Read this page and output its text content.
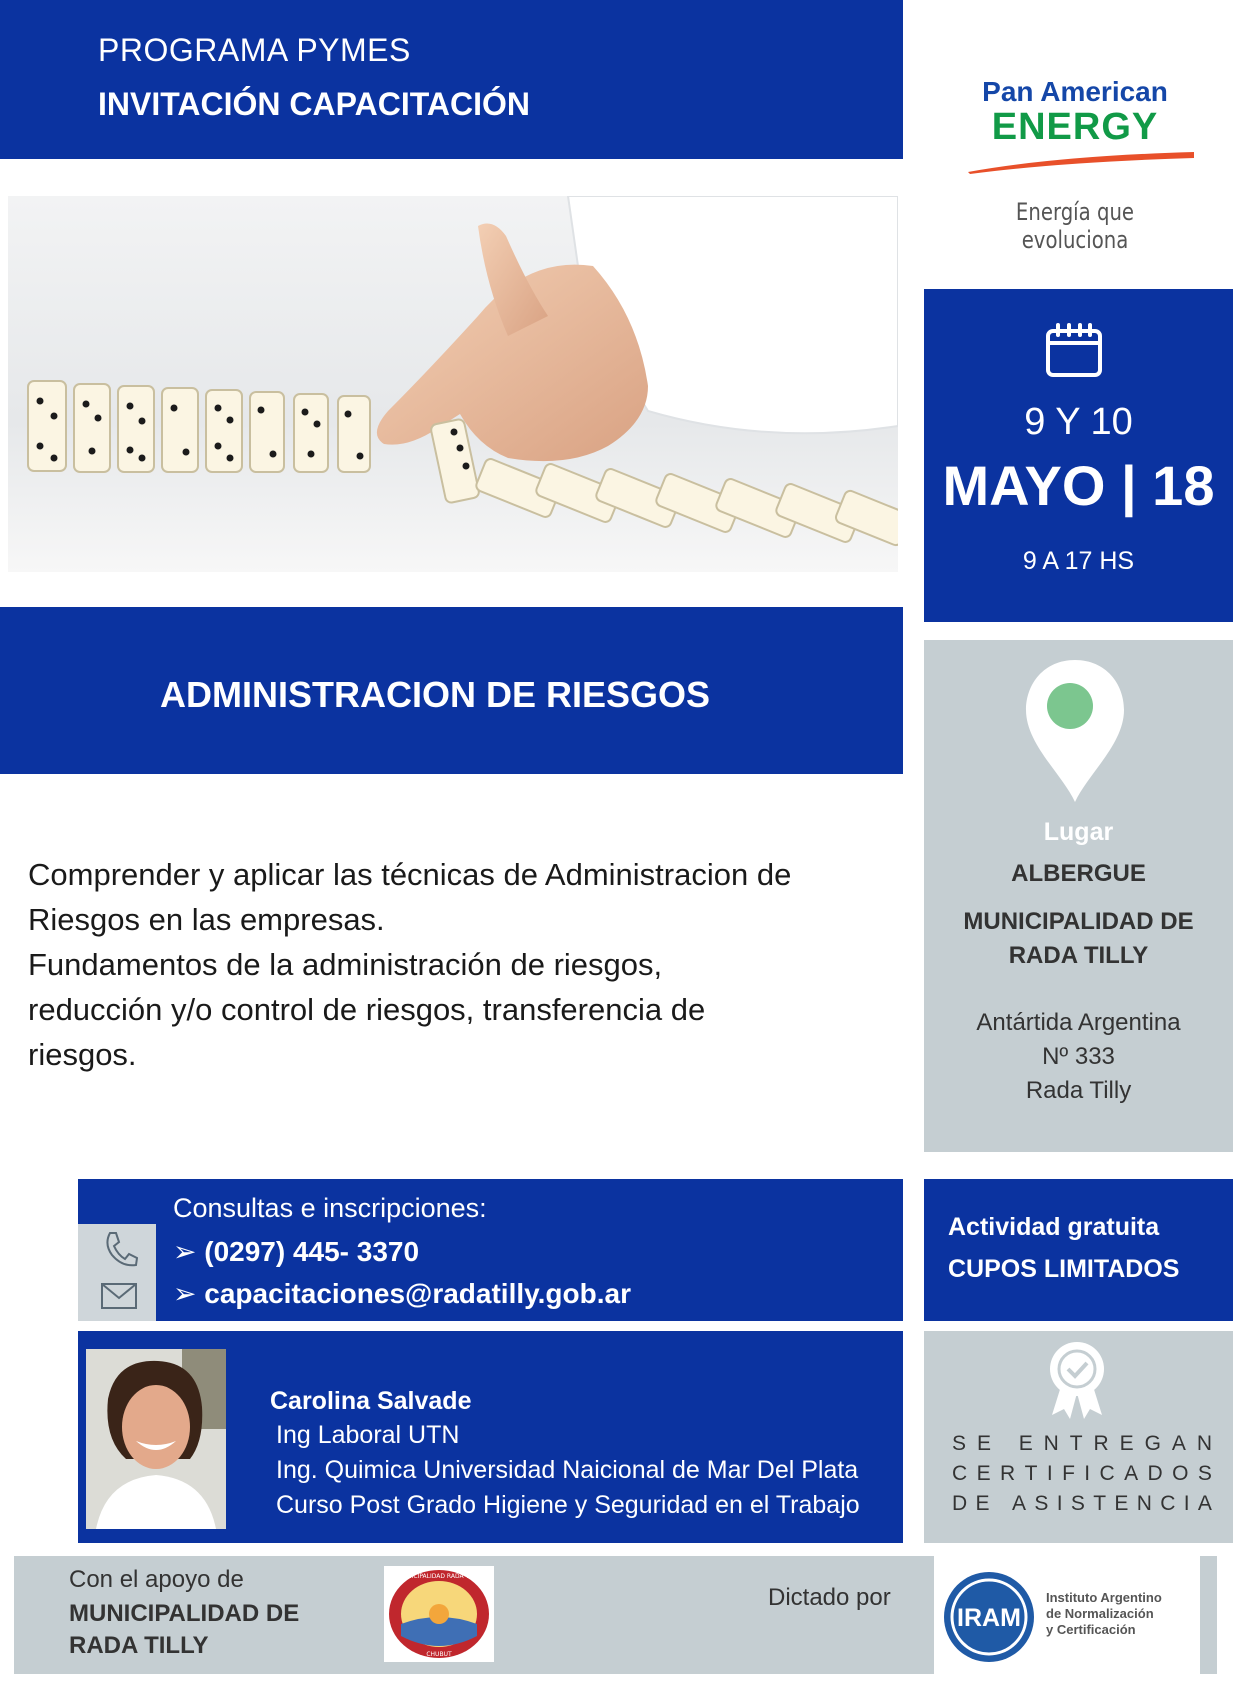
PROGRAMA PYMES
INVITACIÓN CAPACITACIÓN	Pan American
ENERGY
Energía que evoluciona
9 Y 10
MAYO | 18
9 A 17 HS
Lugar
ALBERGUE
MUNICIPALIDAD DE
RADA TILLY
Antártida Argentina
Nº 333
Rada Tilly
ADMINISTRACION DE RIESGOS
Comprender y aplicar las técnicas de Administracion de
Riesgos en las empresas.
Fundamentos de la administración de riesgos,
reducción y/o control de riesgos, transferencia de
riesgos.
Consultas e inscripciones:
➢ (0297) 445- 3370
➢ capacitaciones@radatilly.gob.ar
Actividad gratuita
CUPOS LIMITADOS
Carolina Salvade
Ing Laboral UTN
Ing. Quimica Universidad Naicional de Mar Del Plata
Curso Post Grado Higiene y Seguridad en el Trabajo
S E
E N T R E G A N
C E R T I F I C A D O S
D E
A S I S T E N C I A
Con el apoyo de
MUNICIPALIDAD DE
RADA TILLY
MUNICIPALIDAD RADA TILLY
CHUBUT
Dictado por
IRAM
Instituto Argentino
de Normalización
y Certificación
